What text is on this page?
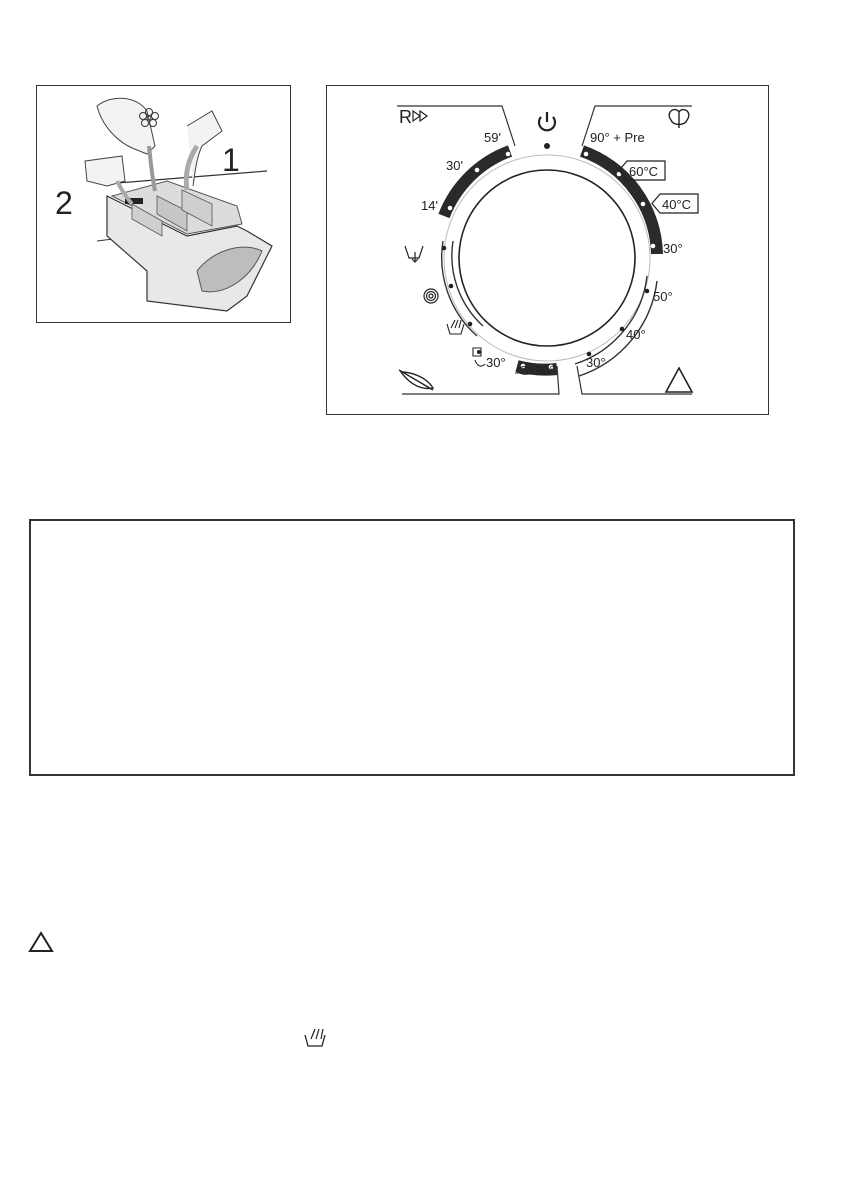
1
2
R
59'
30'
14'
90° + Pre
60°C
40°C
30°
50°
40°
30°
30°
30°
